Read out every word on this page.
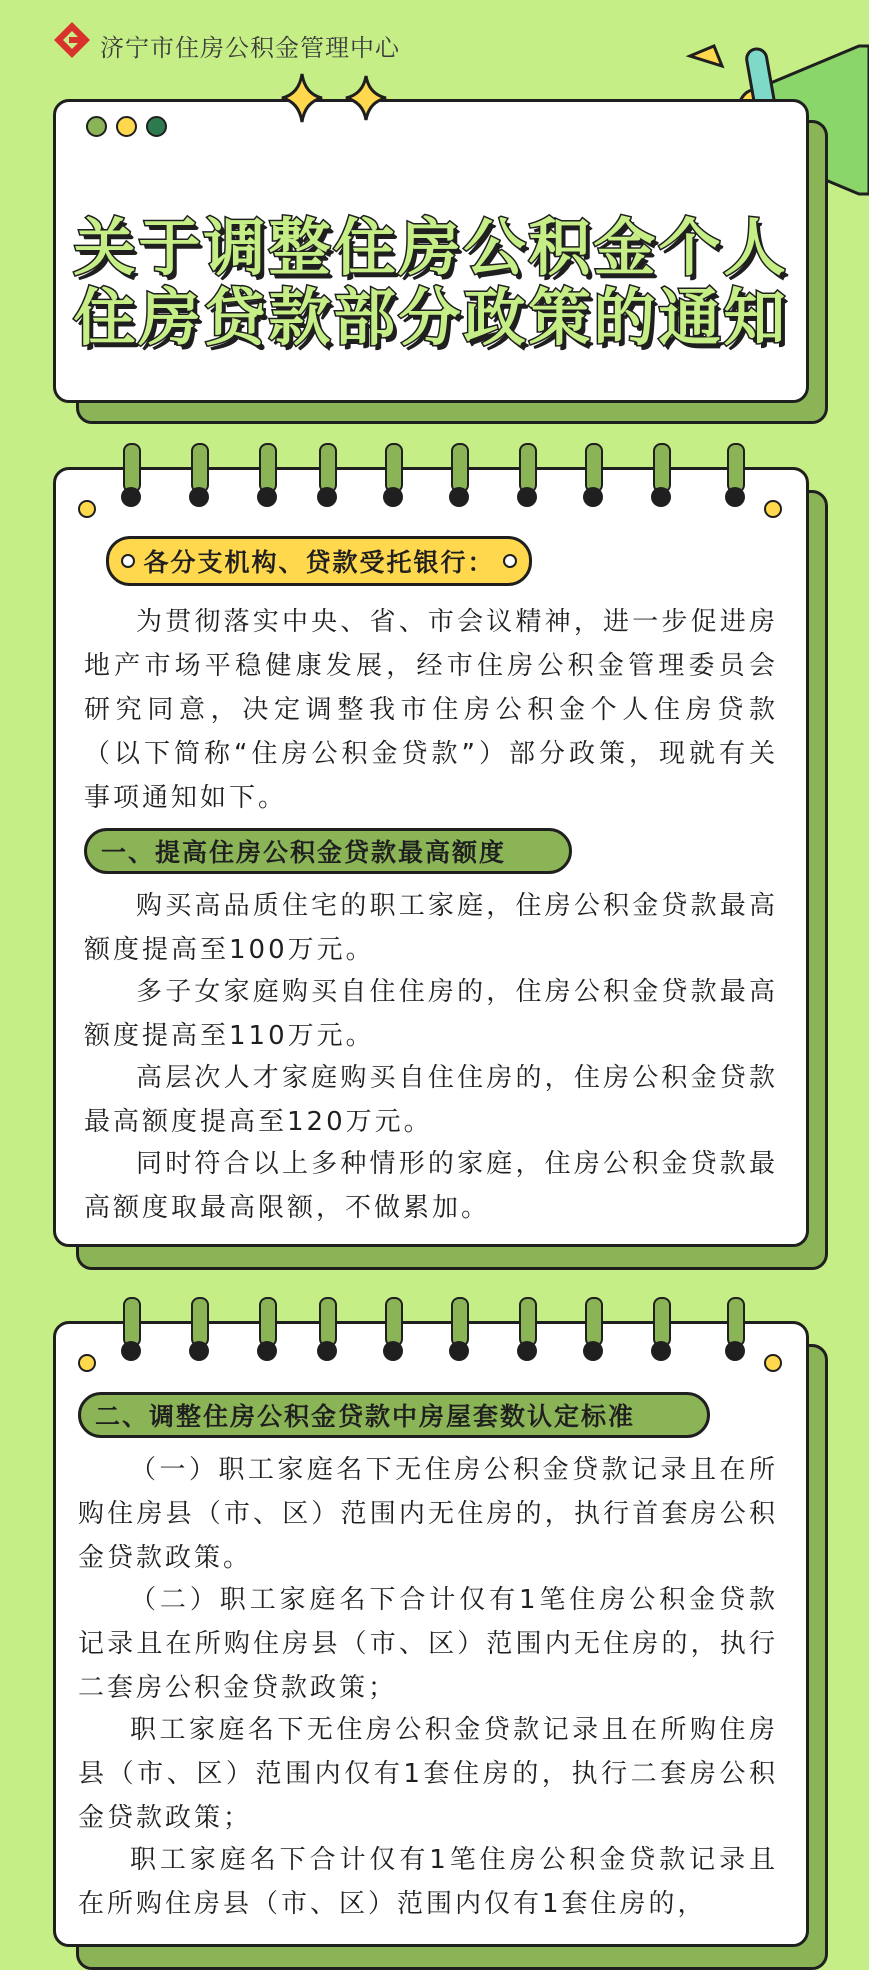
济宁市住房公积金管理中心
关于调整住房公积金个人
住房贷款部分政策的通知
各分支机构、贷款受托银行：

为贯彻落实中央、省、市会议精神，进一步促进房地产市场平稳健康发展，经市住房公积金管理委员会研究同意，决定调整我市住房公积金个人住房贷款（以下简称“住房公积金贷款”）部分政策，现就有关事项通知如下。

一、提高住房公积金贷款最高额度

购买高品质住宅的职工家庭，住房公积金贷款最高额度提高至100万元。

多子女家庭购买自住住房的，住房公积金贷款最高额度提高至110万元。

高层次人才家庭购买自住住房的，住房公积金贷款最高额度提高至120万元。

同时符合以上多种情形的家庭，住房公积金贷款最高额度取最高限额，不做累加。

二、调整住房公积金贷款中房屋套数认定标准

（一）职工家庭名下无住房公积金贷款记录且在所购住房县（市、区）范围内无住房的，执行首套房公积金贷款政策。

（二）职工家庭名下合计仅有1笔住房公积金贷款记录且在所购住房县（市、区）范围内无住房的，执行二套房公积金贷款政策；

职工家庭名下无住房公积金贷款记录且在所购住房县（市、区）范围内仅有1套住房的，执行二套房公积金贷款政策；

职工家庭名下合计仅有1笔住房公积金贷款记录且在所购住房县（市、区）范围内仅有1套住房的，
